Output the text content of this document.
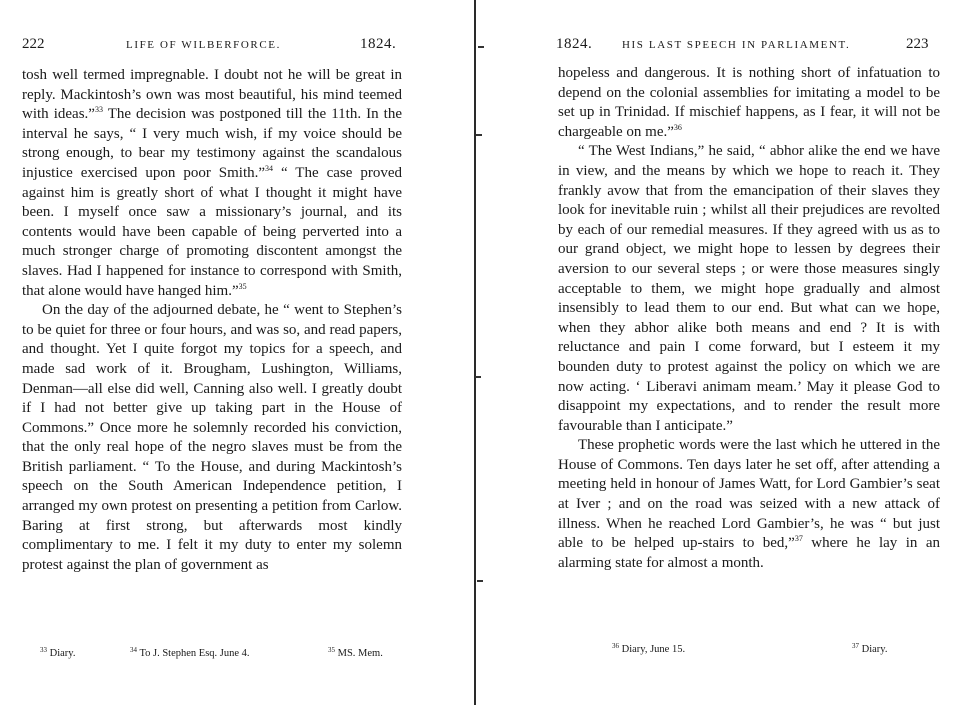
222	LIFE OF WILBERFORCE.	1824.

tosh well termed impregnable. I doubt not he will be great in reply. Mackintosh’s own was most beautiful, his mind teemed with ideas.”$^{33}$ The decision was postponed till the 11th. In the interval he says, “ I very much wish, if my voice should be strong enough, to bear my testimony against the scandalous injustice exercised upon poor Smith.”$^{34}$ “ The case proved against him is greatly short of what I thought it might have been. I myself once saw a missionary’s journal, and its contents would have been capable of being perverted into a much stronger charge of promoting discontent amongst the slaves. Had I happened for instance to correspond with Smith, that alone would have hanged him.”$^{35}$

On the day of the adjourned debate, he “ went to Stephen’s to be quiet for three or four hours, and was so, and read papers, and thought. Yet I quite forgot my topics for a speech, and made sad work of it. Brougham, Lushington, Williams, Denman—all else did well, Canning also well. I greatly doubt if I had not better give up taking part in the House of Commons.” Once more he solemnly recorded his conviction, that the only real hope of the negro slaves must be from the British parliament. “ To the House, and during Mackintosh’s speech on the South American Independence petition, I arranged my own protest on presenting a petition from Carlow. Baring at first strong, but afterwards most kindly complimentary to me. I felt it my duty to enter my solemn protest against the plan of government as

$^{33}$ Diary.	$^{34}$ To J. Stephen Esq. June 4.	$^{35}$ MS. Mem.
1824.	HIS LAST SPEECH IN PARLIAMENT.	223

hopeless and dangerous. It is nothing short of infatuation to depend on the colonial assemblies for imitating a model to be set up in Trinidad. If mischief happens, as I fear, it will not be chargeable on me.”$^{36}$

“ The West Indians,” he said, “ abhor alike the end we have in view, and the means by which we hope to reach it. They frankly avow that from the emancipation of their slaves they look for inevitable ruin ; whilst all their prejudices are revolted by each of our remedial measures. If they agreed with us as to our grand object, we might hope to lessen by degrees their aversion to our several steps ; or were those measures singly acceptable to them, we might hope gradually and almost insensibly to lead them to our end. But what can we hope, when they abhor alike both means and end ? It is with reluctance and pain I come forward, but I esteem it my bounden duty to protest against the policy on which we are now acting. ‘ Liberavi animam meam.’ May it please God to disappoint my expectations, and to render the result more favourable than I anticipate.”

These prophetic words were the last which he uttered in the House of Commons. Ten days later he set off, after attending a meeting held in honour of James Watt, for Lord Gambier’s seat at Iver ; and on the road was seized with a new attack of illness. When he reached Lord Gambier’s, he was “ but just able to be helped up-stairs to bed,”$^{37}$ where he lay in an alarming state for almost a month.

$^{36}$ Diary, June 15.	$^{37}$ Diary.
